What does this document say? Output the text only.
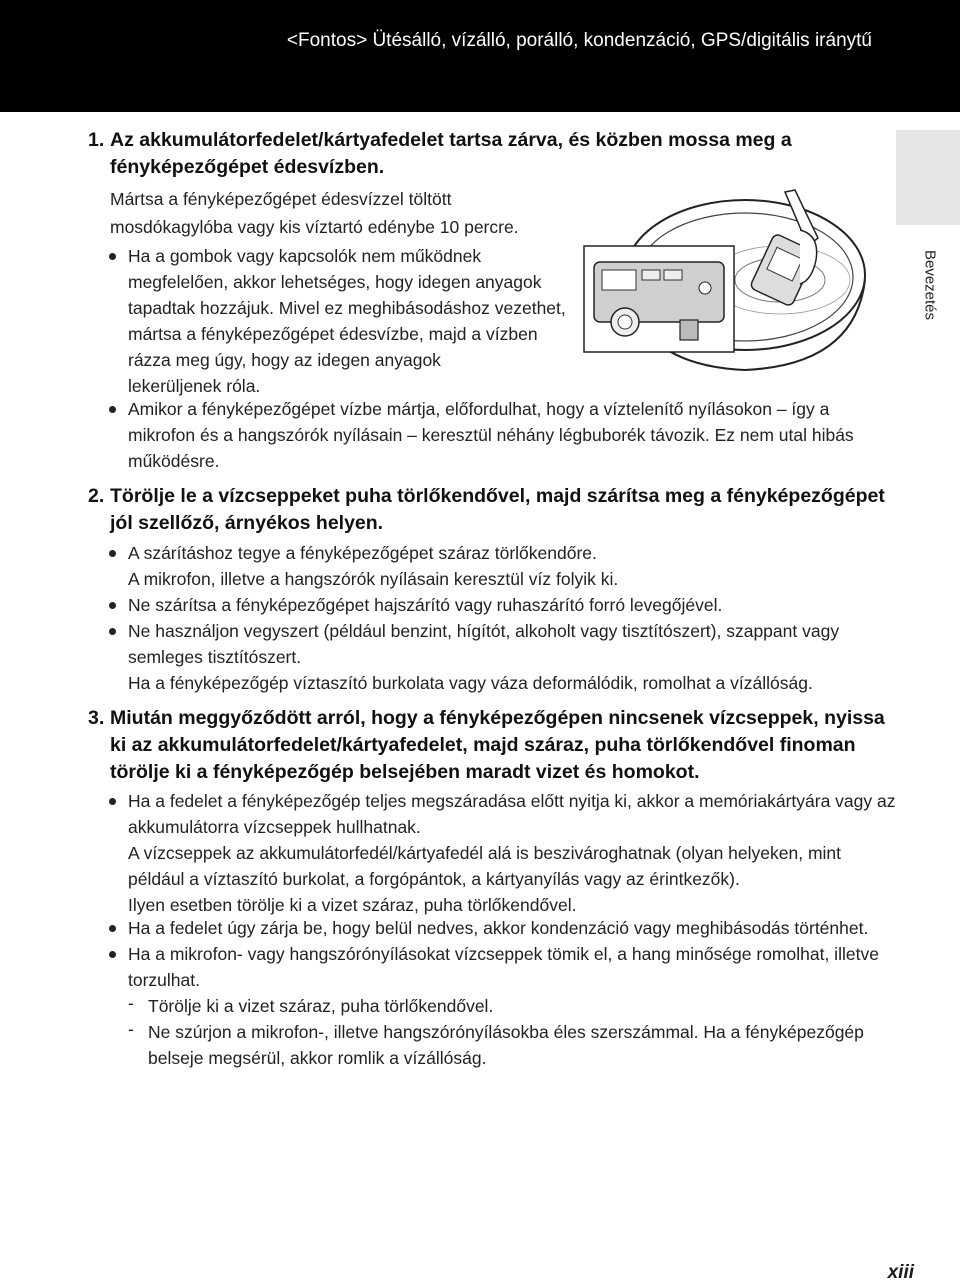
<Fontos> Ütésálló, vízálló, porálló, kondenzáció, GPS/digitális iránytű
Bevezetés
1. Az akkumulátorfedelet/kártyafedelet tartsa zárva, és közben mossa meg a
fényképezőgépet édesvízben.
Mártsa a fényképezőgépet édesvízzel töltött
mosdókagylóba vagy kis víztartó edénybe 10 percre.
Ha a gombok vagy kapcsolók nem működnek
megfelelően, akkor lehetséges, hogy idegen anyagok
tapadtak hozzájuk. Mivel ez meghibásodáshoz vezethet,
mártsa a fényképezőgépet édesvízbe, majd a vízben
rázza meg úgy, hogy az idegen anyagok
lekerüljenek róla.
Amikor a fényképezőgépet vízbe mártja, előfordulhat, hogy a víztelenítő nyílásokon – így a
mikrofon és a hangszórók nyílásain – keresztül néhány légbuborék távozik. Ez nem utal hibás
működésre.
2. Törölje le a vízcseppeket puha törlőkendővel, majd szárítsa meg a fényképezőgépet
jól szellőző, árnyékos helyen.
A szárításhoz tegye a fényképezőgépet száraz törlőkendőre.
A mikrofon, illetve a hangszórók nyílásain keresztül víz folyik ki.
Ne szárítsa a fényképezőgépet hajszárító vagy ruhaszárító forró levegőjével.
Ne használjon vegyszert (például benzint, hígítót, alkoholt vagy tisztítószert), szappant vagy
semleges tisztítószert.
Ha a fényképezőgép víztaszító burkolata vagy váza deformálódik, romolhat a vízállóság.
3. Miután meggyőződött arról, hogy a fényképezőgépen nincsenek vízcseppek, nyissa
ki az akkumulátorfedelet/kártyafedelet, majd száraz, puha törlőkendővel finoman
törölje ki a fényképezőgép belsejében maradt vizet és homokot.
Ha a fedelet a fényképezőgép teljes megszáradása előtt nyitja ki, akkor a memóriakártyára vagy az
akkumulátorra vízcseppek hullhatnak.
A vízcseppek az akkumulátorfedél/kártyafedél alá is beszivároghatnak (olyan helyeken, mint
például a víztaszító burkolat, a forgópántok, a kártyanyílás vagy az érintkezők).
Ilyen esetben törölje ki a vizet száraz, puha törlőkendővel.
Ha a fedelet úgy zárja be, hogy belül nedves, akkor kondenzáció vagy meghibásodás történhet.
Ha a mikrofon- vagy hangszórónyílásokat vízcseppek tömik el, a hang minősége romolhat, illetve
torzulhat.
- Törölje ki a vizet száraz, puha törlőkendővel.
- Ne szúrjon a mikrofon-, illetve hangszórónyílásokba éles szerszámmal. Ha a fényképezőgép
belseje megsérül, akkor romlik a vízállóság.
xiii
